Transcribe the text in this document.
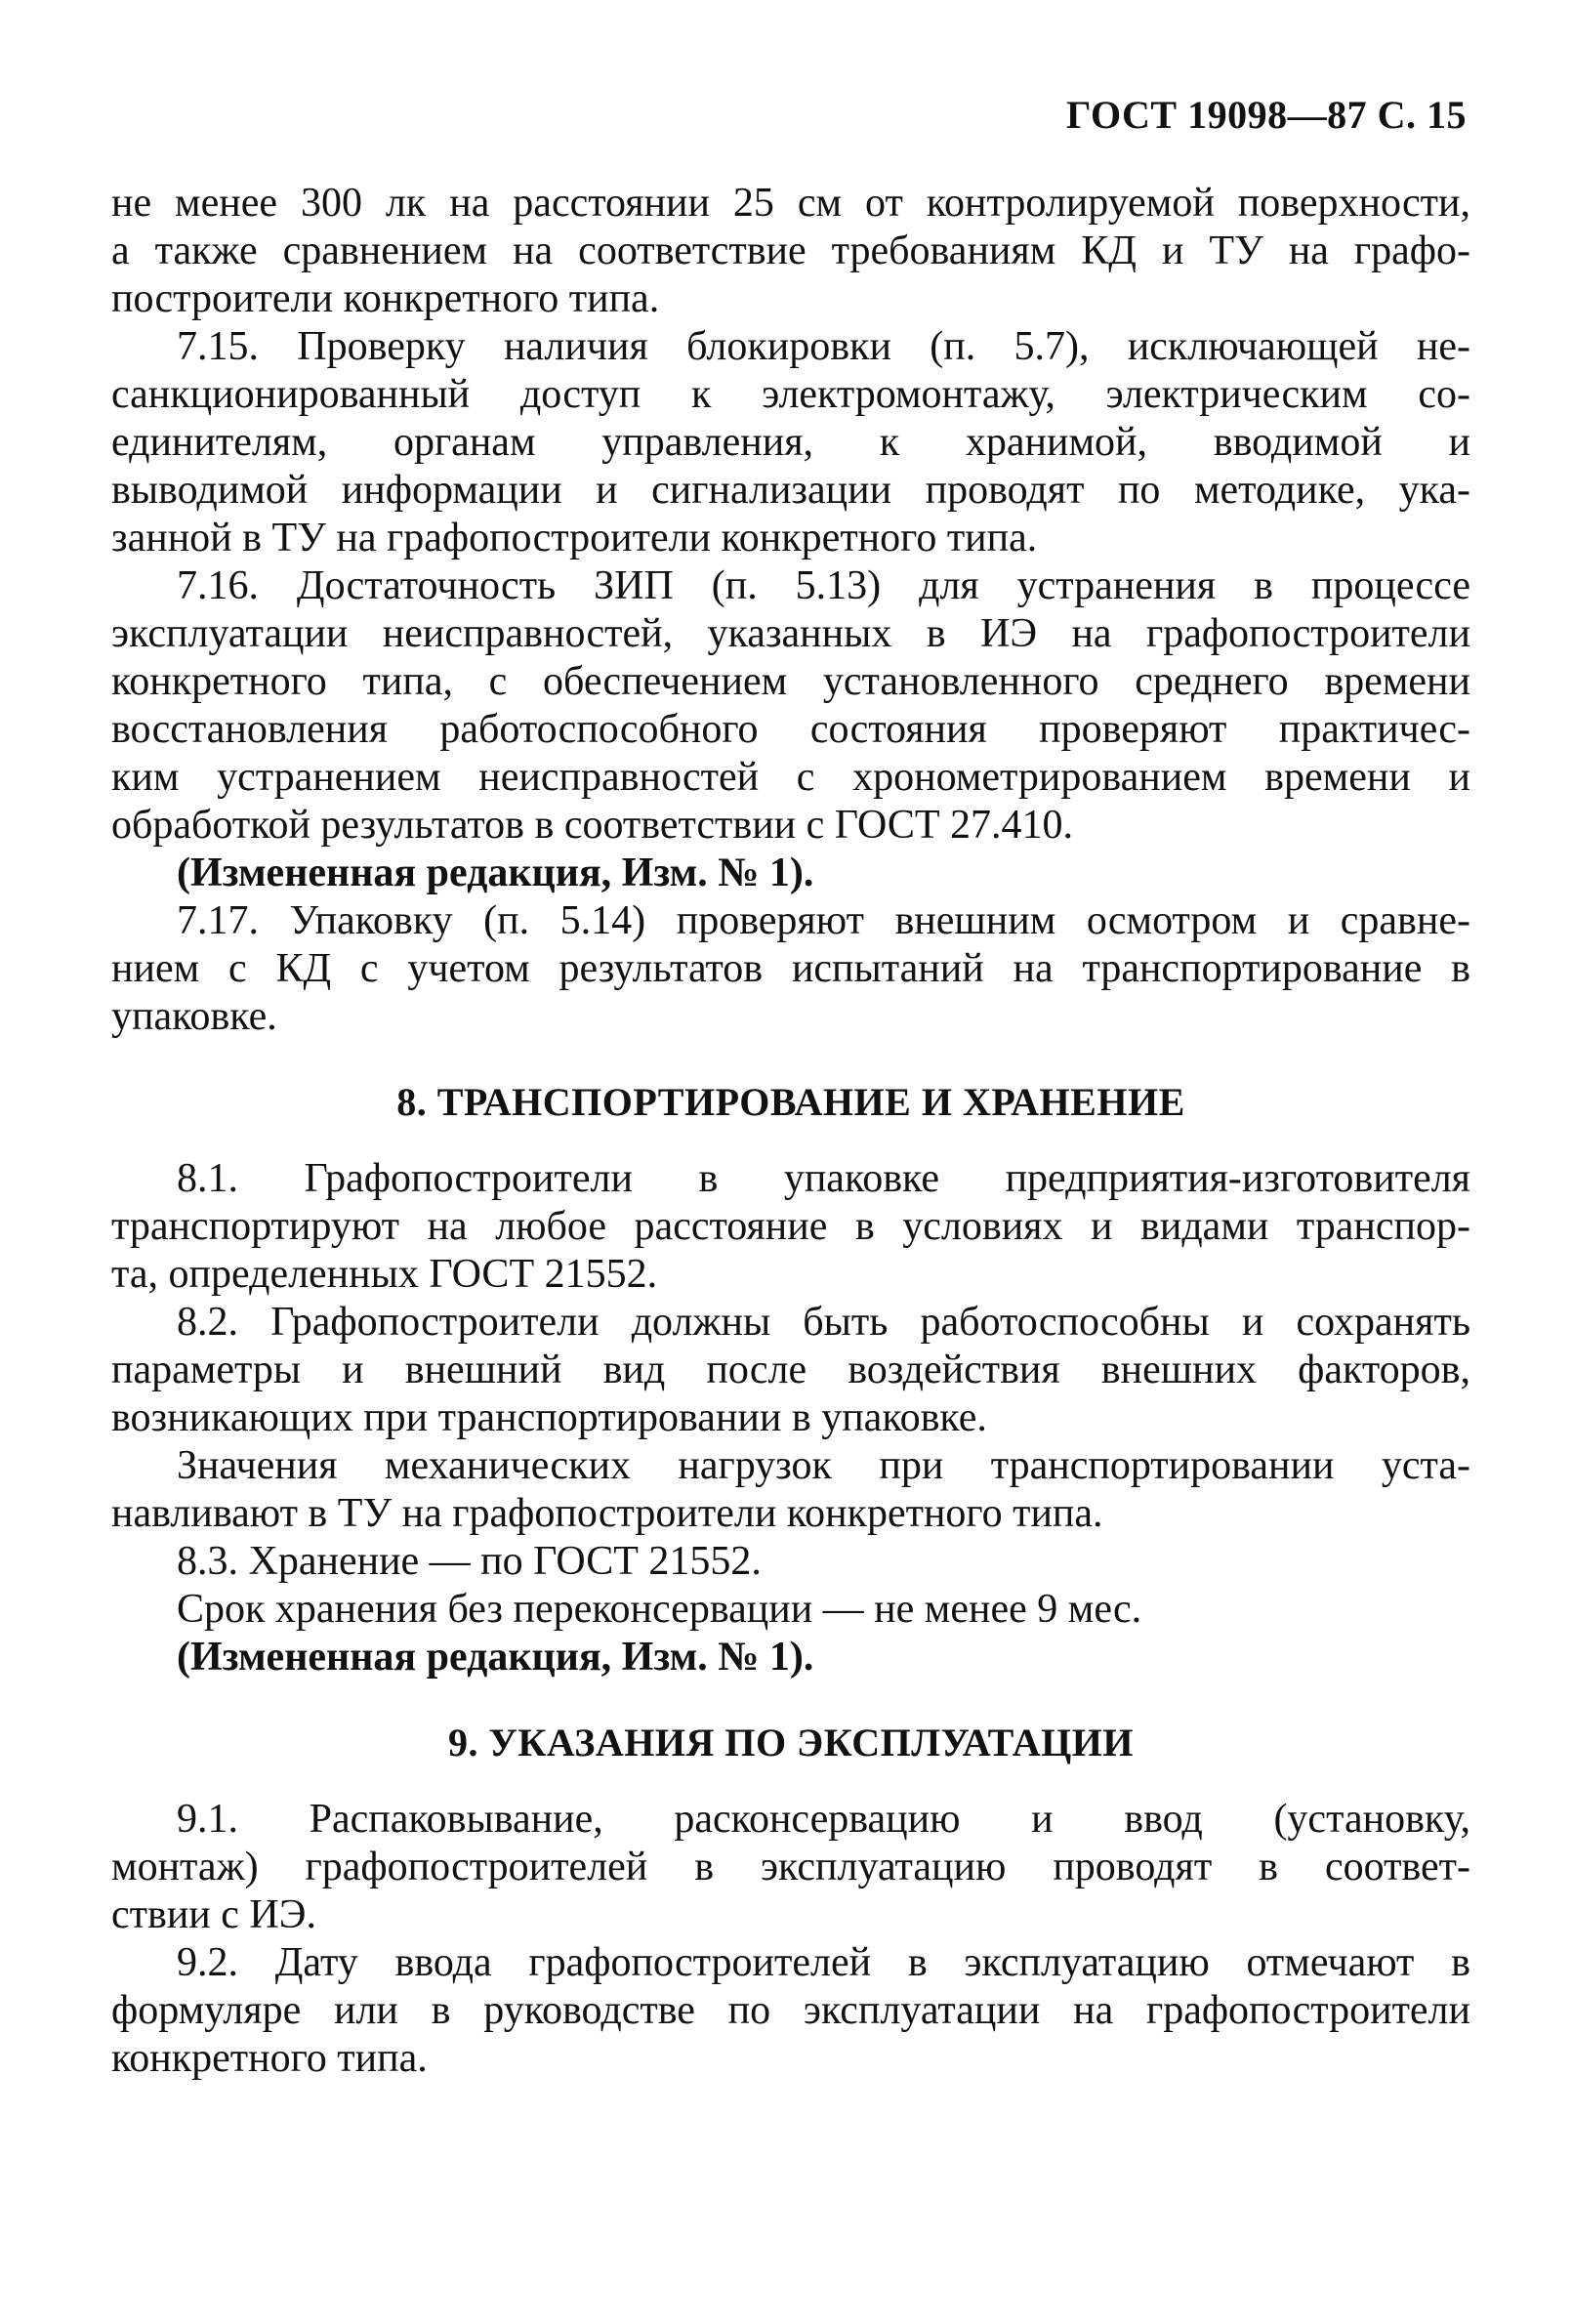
ГОСТ 19098—87 С. 15
не менее 300 лк на расстоянии 25 см от контролируемой поверхности,
а также сравнением на соответствие требованиям КД и ТУ на графо-
построители конкретного типа.
7.15. Проверку наличия блокировки (п. 5.7), исключающей не-
санкционированный доступ к электромонтажу, электрическим со-
единителям, органам управления, к хранимой, вводимой и
выводимой информации и сигнализации проводят по методике, ука-
занной в ТУ на графопостроители конкретного типа.
7.16. Достаточность ЗИП (п. 5.13) для устранения в процессе
эксплуатации неисправностей, указанных в ИЭ на графопостроители
конкретного типа, с обеспечением установленного среднего времени
восстановления работоспособного состояния проверяют практичес-
ким устранением неисправностей с хронометрированием времени и
обработкой результатов в соответствии с ГОСТ 27.410.
(Измененная редакция, Изм. № 1).
7.17. Упаковку (п. 5.14) проверяют внешним осмотром и сравне-
нием с КД с учетом результатов испытаний на транспортирование в
упаковке.
8. ТРАНСПОРТИРОВАНИЕ И ХРАНЕНИЕ
8.1. Графопостроители в упаковке предприятия-изготовителя
транспортируют на любое расстояние в условиях и видами транспор-
та, определенных ГОСТ 21552.
8.2. Графопостроители должны быть работоспособны и сохранять
параметры и внешний вид после воздействия внешних факторов,
возникающих при транспортировании в упаковке.
Значения механических нагрузок при транспортировании уста-
навливают в ТУ на графопостроители конкретного типа.
8.3. Хранение — по ГОСТ 21552.
Срок хранения без переконсервации — не менее 9 мес.
(Измененная редакция, Изм. № 1).
9. УКАЗАНИЯ ПО ЭКСПЛУАТАЦИИ
9.1. Распаковывание, расконсервацию и ввод (установку,
монтаж) графопостроителей в эксплуатацию проводят в соответ-
ствии с ИЭ.
9.2. Дату ввода графопостроителей в эксплуатацию отмечают в
формуляре или в руководстве по эксплуатации на графопостроители
конкретного типа.
